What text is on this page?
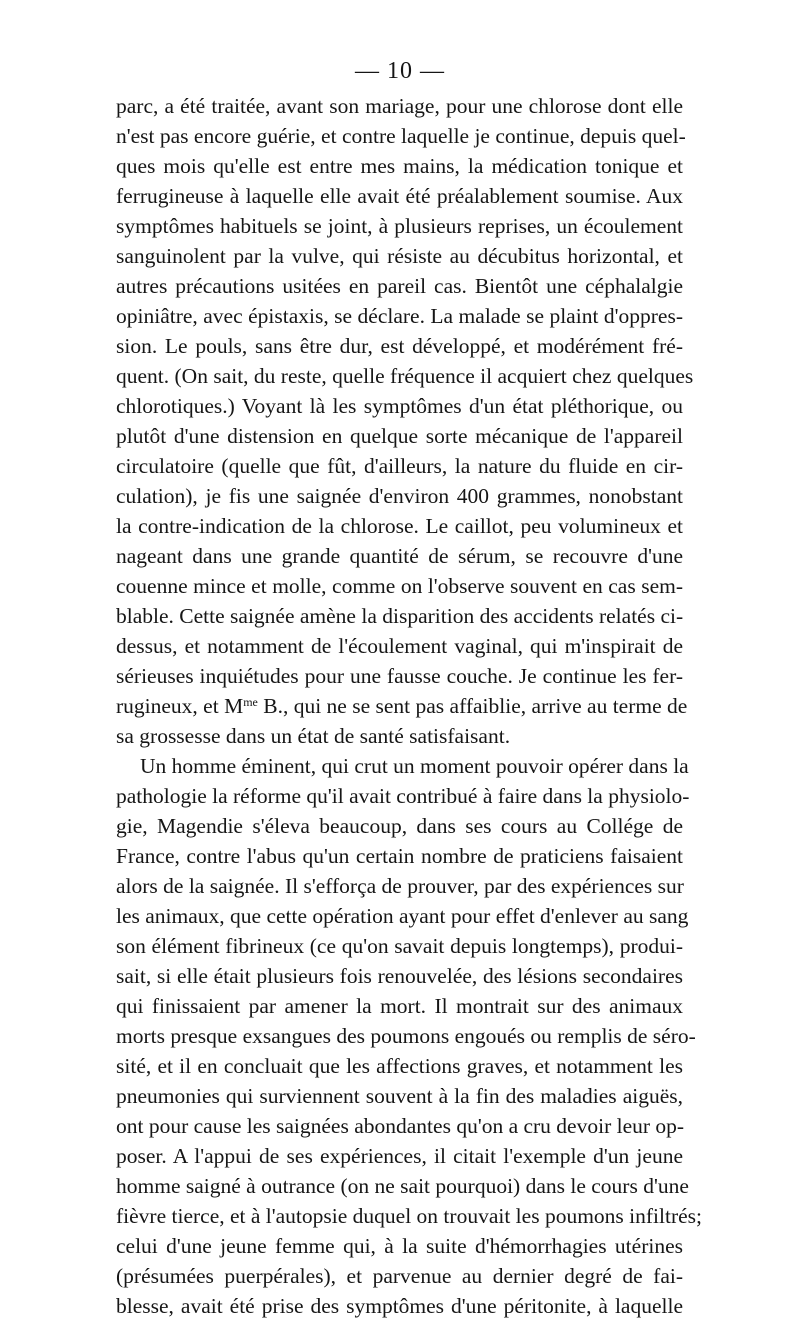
— 10 —
parc, a été traitée, avant son mariage, pour une chlorose dont elle
n'est pas encore guérie, et contre laquelle je continue, depuis quel-
ques mois qu'elle est entre mes mains, la médication tonique et
ferrugineuse à laquelle elle avait été préalablement soumise. Aux
symptômes habituels se joint, à plusieurs reprises, un écoulement
sanguinolent par la vulve, qui résiste au décubitus horizontal, et
autres précautions usitées en pareil cas. Bientôt une céphalalgie
opiniâtre, avec épistaxis, se déclare. La malade se plaint d'oppres-
sion. Le pouls, sans être dur, est développé, et modérément fré-
quent. (On sait, du reste, quelle fréquence il acquiert chez quelques
chlorotiques.) Voyant là les symptômes d'un état pléthorique, ou
plutôt d'une distension en quelque sorte mécanique de l'appareil
circulatoire (quelle que fût, d'ailleurs, la nature du fluide en cir-
culation), je fis une saignée d'environ 400 grammes, nonobstant
la contre-indication de la chlorose. Le caillot, peu volumineux et
nageant dans une grande quantité de sérum, se recouvre d'une
couenne mince et molle, comme on l'observe souvent en cas sem-
blable. Cette saignée amène la disparition des accidents relatés ci-
dessus, et notamment de l'écoulement vaginal, qui m'inspirait de
sérieuses inquiétudes pour une fausse couche. Je continue les fer-
rugineux, et $M^{me}$ B., qui ne se sent pas affaiblie, arrive au terme de
sa grossesse dans un état de santé satisfaisant.
Un homme éminent, qui crut un moment pouvoir opérer dans la
pathologie la réforme qu'il avait contribué à faire dans la physiolo-
gie, Magendie s'éleva beaucoup, dans ses cours au Collége de
France, contre l'abus qu'un certain nombre de praticiens faisaient
alors de la saignée. Il s'efforça de prouver, par des expériences sur
les animaux, que cette opération ayant pour effet d'enlever au sang
son élément fibrineux (ce qu'on savait depuis longtemps), produi-
sait, si elle était plusieurs fois renouvelée, des lésions secondaires
qui finissaient par amener la mort. Il montrait sur des animaux
morts presque exsangues des poumons engoués ou remplis de séro-
sité, et il en concluait que les affections graves, et notamment les
pneumonies qui surviennent souvent à la fin des maladies aiguës,
ont pour cause les saignées abondantes qu'on a cru devoir leur op-
poser. A l'appui de ses expériences, il citait l'exemple d'un jeune
homme saigné à outrance (on ne sait pourquoi) dans le cours d'une
fièvre tierce, et à l'autopsie duquel on trouvait les poumons infiltrés;
celui d'une jeune femme qui, à la suite d'hémorrhagies utérines
(présumées puerpérales), et parvenue au dernier degré de fai-
blesse, avait été prise des symptômes d'une péritonite, à laquelle
